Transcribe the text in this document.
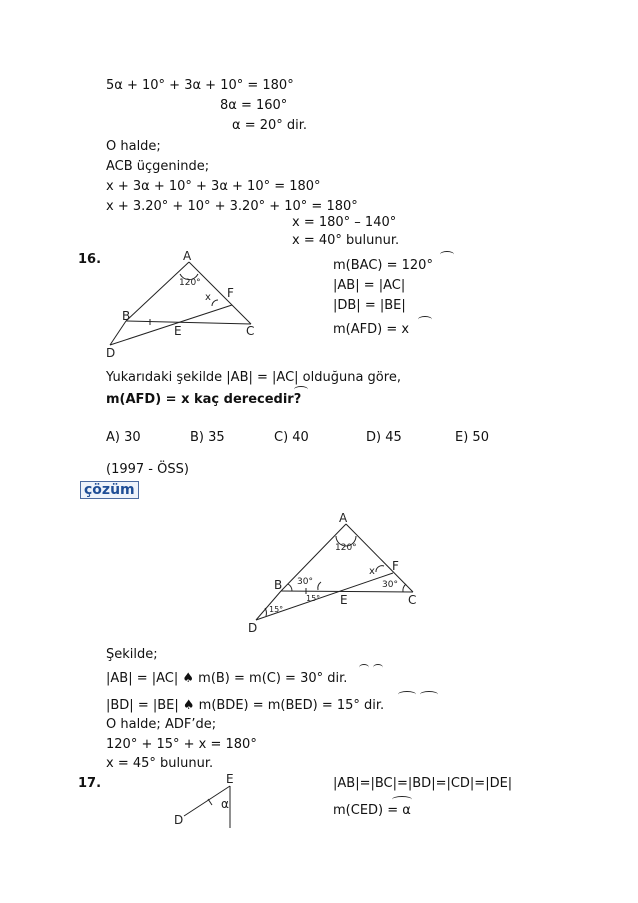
5α + 10° + 3α + 10° = 180°
8α = 160°
α = 20° dir.
O halde;
ACB üçgeninde;
x + 3α + 10° + 3α + 10° = 180°
x + 3.20° + 10° + 3.20° + 10° = 180°
x = 180° – 140°
x = 40° bulunur.
16.	A
120°
x F
B
E	C
D
m(BAC) = 120°
|AB| = |AC|
|DB| = |BE|
m(AFD) = x
Yukarıdaki şekilde |AB| = |AC| olduğuna göre,
m(AFD) = x kaç derecedir?
A) 30	B) 35	C) 40	D) 45	E) 50
(1997 - ÖSS)
çözüm
A
120°
F
x
B 30°	30°
15° E	C
15°
D
Şekilde;
|AB| = |AC| ♠ m(B) = m(C) = 30° dir.
|BD| = |BE| ♠ m(BDE) = m(BED) = 15° dir.
O halde; ADF’de;
120° + 15° + x = 180°
x = 45° bulunur.
17.	E
α
D
|AB|=|BC|=|BD|=|CD|=|DE|
m(CED) = α
